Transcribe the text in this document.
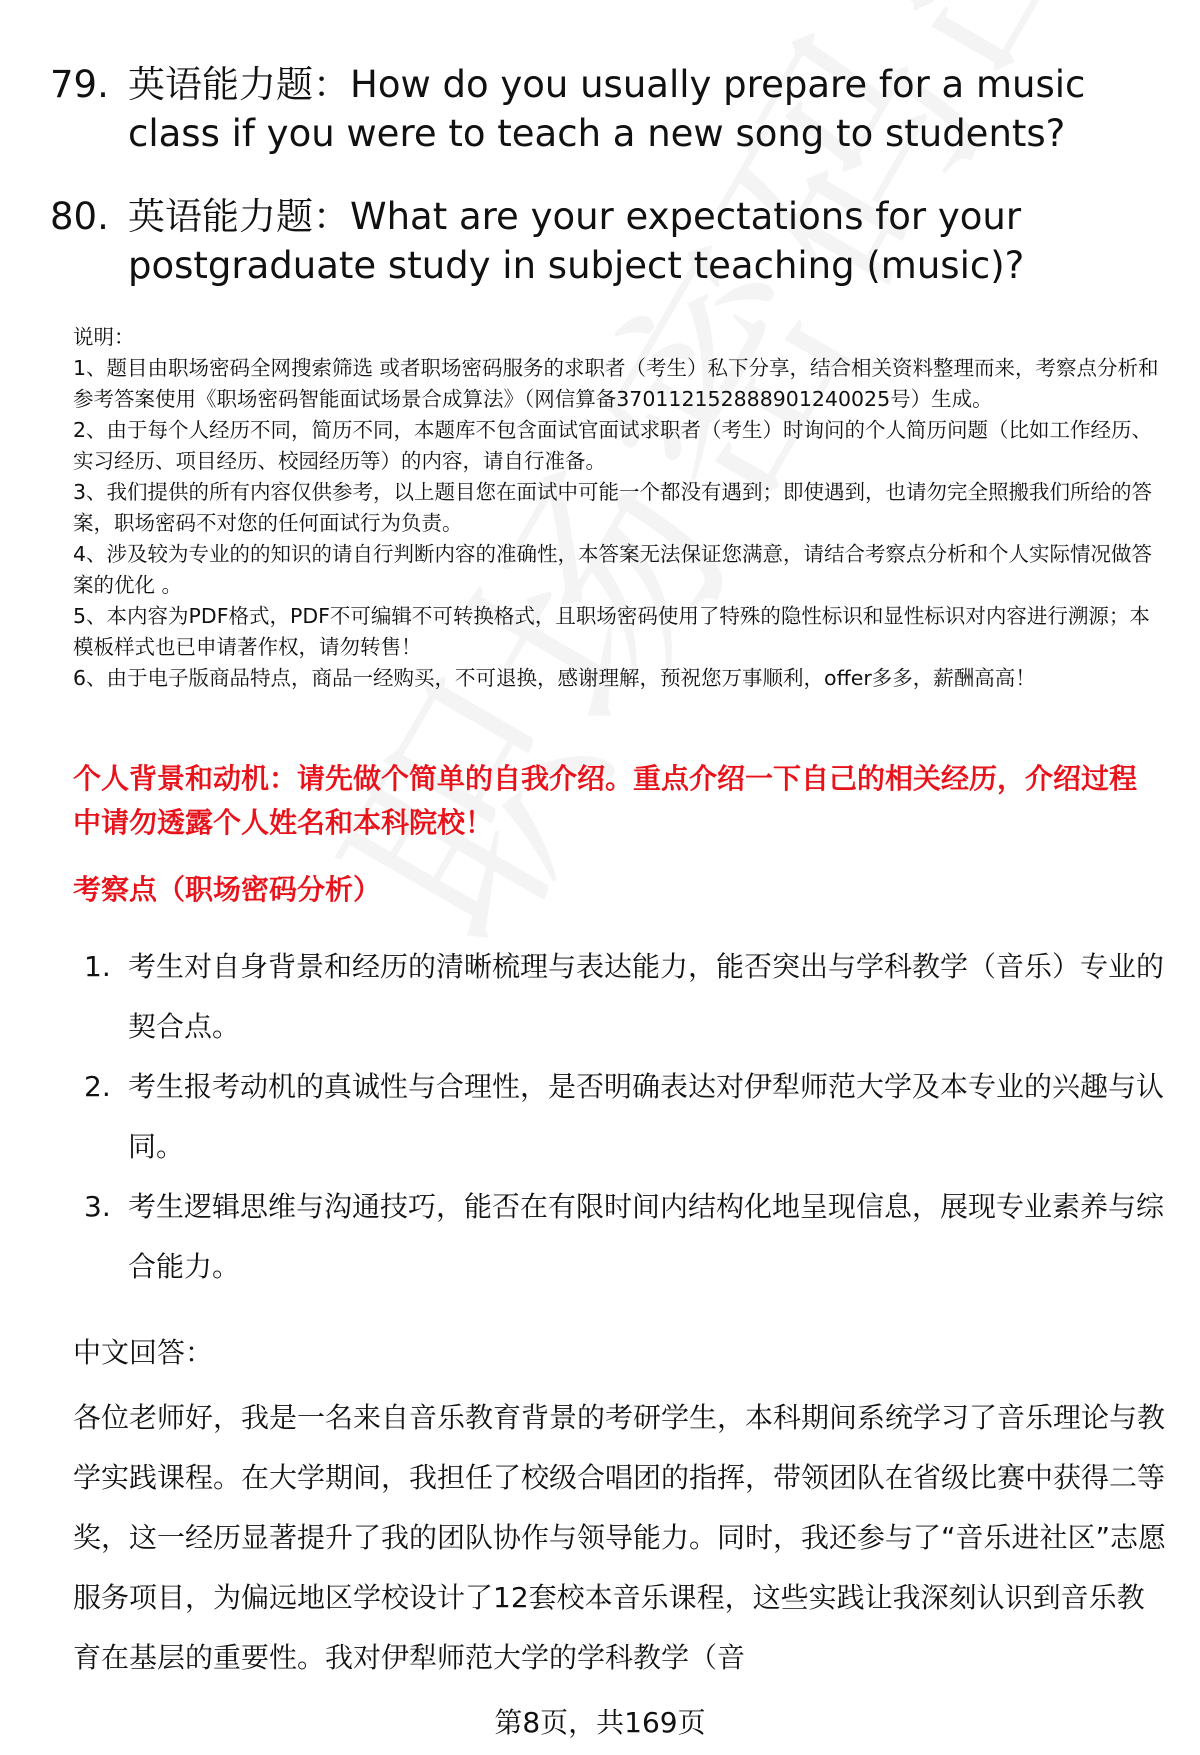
79. 英语能力题：How do you usually prepare for a music class if you were to teach a new song to students?
80. 英语能力题：What are your expectations for your postgraduate study in subject teaching (music)?

说明：

1、题目由职场密码全网搜索筛选 或者职场密码服务的求职者（考生）私下分享，结合相关资料整理而来，考察点分析和参考答案使用《职场密码智能面试场景合成算法》（网信算备370112152888901240025号）生成。

2、由于每个人经历不同，简历不同，本题库不包含面试官面试求职者（考生）时询问的个人简历问题（比如工作经历、实习经历、项目经历、校园经历等）的内容，请自行准备。

3、我们提供的所有内容仅供参考，以上题目您在面试中可能一个都没有遇到；即使遇到，也请勿完全照搬我们所给的答案，职场密码不对您的任何面试行为负责。

4、涉及较为专业的的知识的请自行判断内容的准确性，本答案无法保证您满意，请结合考察点分析和个人实际情况做答案的优化 。

5、本内容为PDF格式，PDF不可编辑不可转换格式，且职场密码使用了特殊的隐性标识和显性标识对内容进行溯源；本模板样式也已申请著作权，请勿转售！

6、由于电子版商品特点，商品一经购买，不可退换，感谢理解，预祝您万事顺利，offer多多，薪酬高高！

个人背景和动机：请先做个简单的自我介绍。重点介绍一下自己的相关经历，介绍过程中请勿透露个人姓名和本科院校！
考察点（职场密码分析）
1. 考生对自身背景和经历的清晰梳理与表达能力，能否突出与学科教学（音乐）专业的契合点。
2. 考生报考动机的真诚性与合理性，是否明确表达对伊犁师范大学及本专业的兴趣与认同。
3. 考生逻辑思维与沟通技巧，能否在有限时间内结构化地呈现信息，展现专业素养与综合能力。
中文回答：

各位老师好，我是一名来自音乐教育背景的考研学生，本科期间系统学习了音乐理论与教学实践课程。在大学期间，我担任了校级合唱团的指挥，带领团队在省级比赛中获得二等奖，这一经历显著提升了我的团队协作与领导能力。同时，我还参与了“音乐进社区”志愿服务项目，为偏远地区学校设计了12套校本音乐课程，这些实践让我深刻认识到音乐教育在基层的重要性。我对伊犁师范大学的学科教学（音

第8页，共169页
